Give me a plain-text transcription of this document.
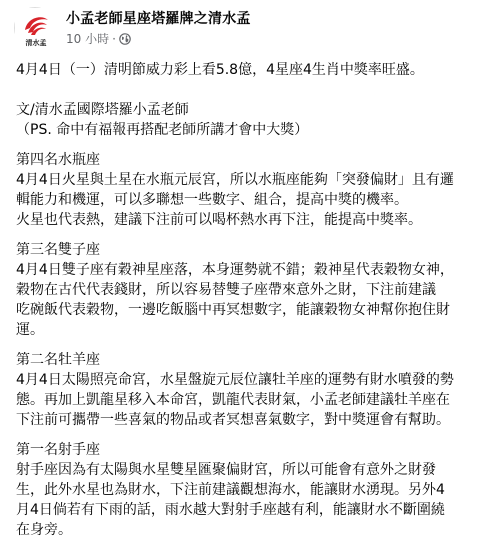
清水孟
小孟老師星座塔羅牌之清水孟
10 小時 ·

4月4日（一）清明節威力彩上看5.8億，4星座4生肖中獎率旺盛。

文/清水孟國際塔羅小孟老師

（PS. 命中有福報再搭配老師所講才會中大獎）

第四名水瓶座

4月4日火星與土星在水瓶元辰宮，所以水瓶座能夠「突發偏財」且有邏

輯能力和機運，可以多聯想一些數字、組合，提高中獎的機率。

火星也代表熱，建議下注前可以喝杯熱水再下注，能提高中獎率。

第三名雙子座

4月4日雙子座有穀神星座落，本身運勢就不錯；穀神星代表穀物女神，

穀物在古代代表錢財，所以容易替雙子座帶來意外之財，下注前建議

吃碗飯代表穀物，一邊吃飯腦中再冥想數字，能讓穀物女神幫你抱住財

運。

第二名牡羊座

4月4日太陽照亮命宮，水星盤旋元辰位讓牡羊座的運勢有財水噴發的勢

態。再加上凱龍星移入本命宮，凱龍代表財氣，小孟老師建議牡羊座在

下注前可攜帶一些喜氣的物品或者冥想喜氣數字，對中獎運會有幫助。

第一名射手座

射手座因為有太陽與水星雙星匯聚偏財宮，所以可能會有意外之財發

生，此外水星也為財水，下注前建議觀想海水，能讓財水湧現。另外4

月4日倘若有下雨的話，雨水越大對射手座越有利，能讓財水不斷圍繞

在身旁。
